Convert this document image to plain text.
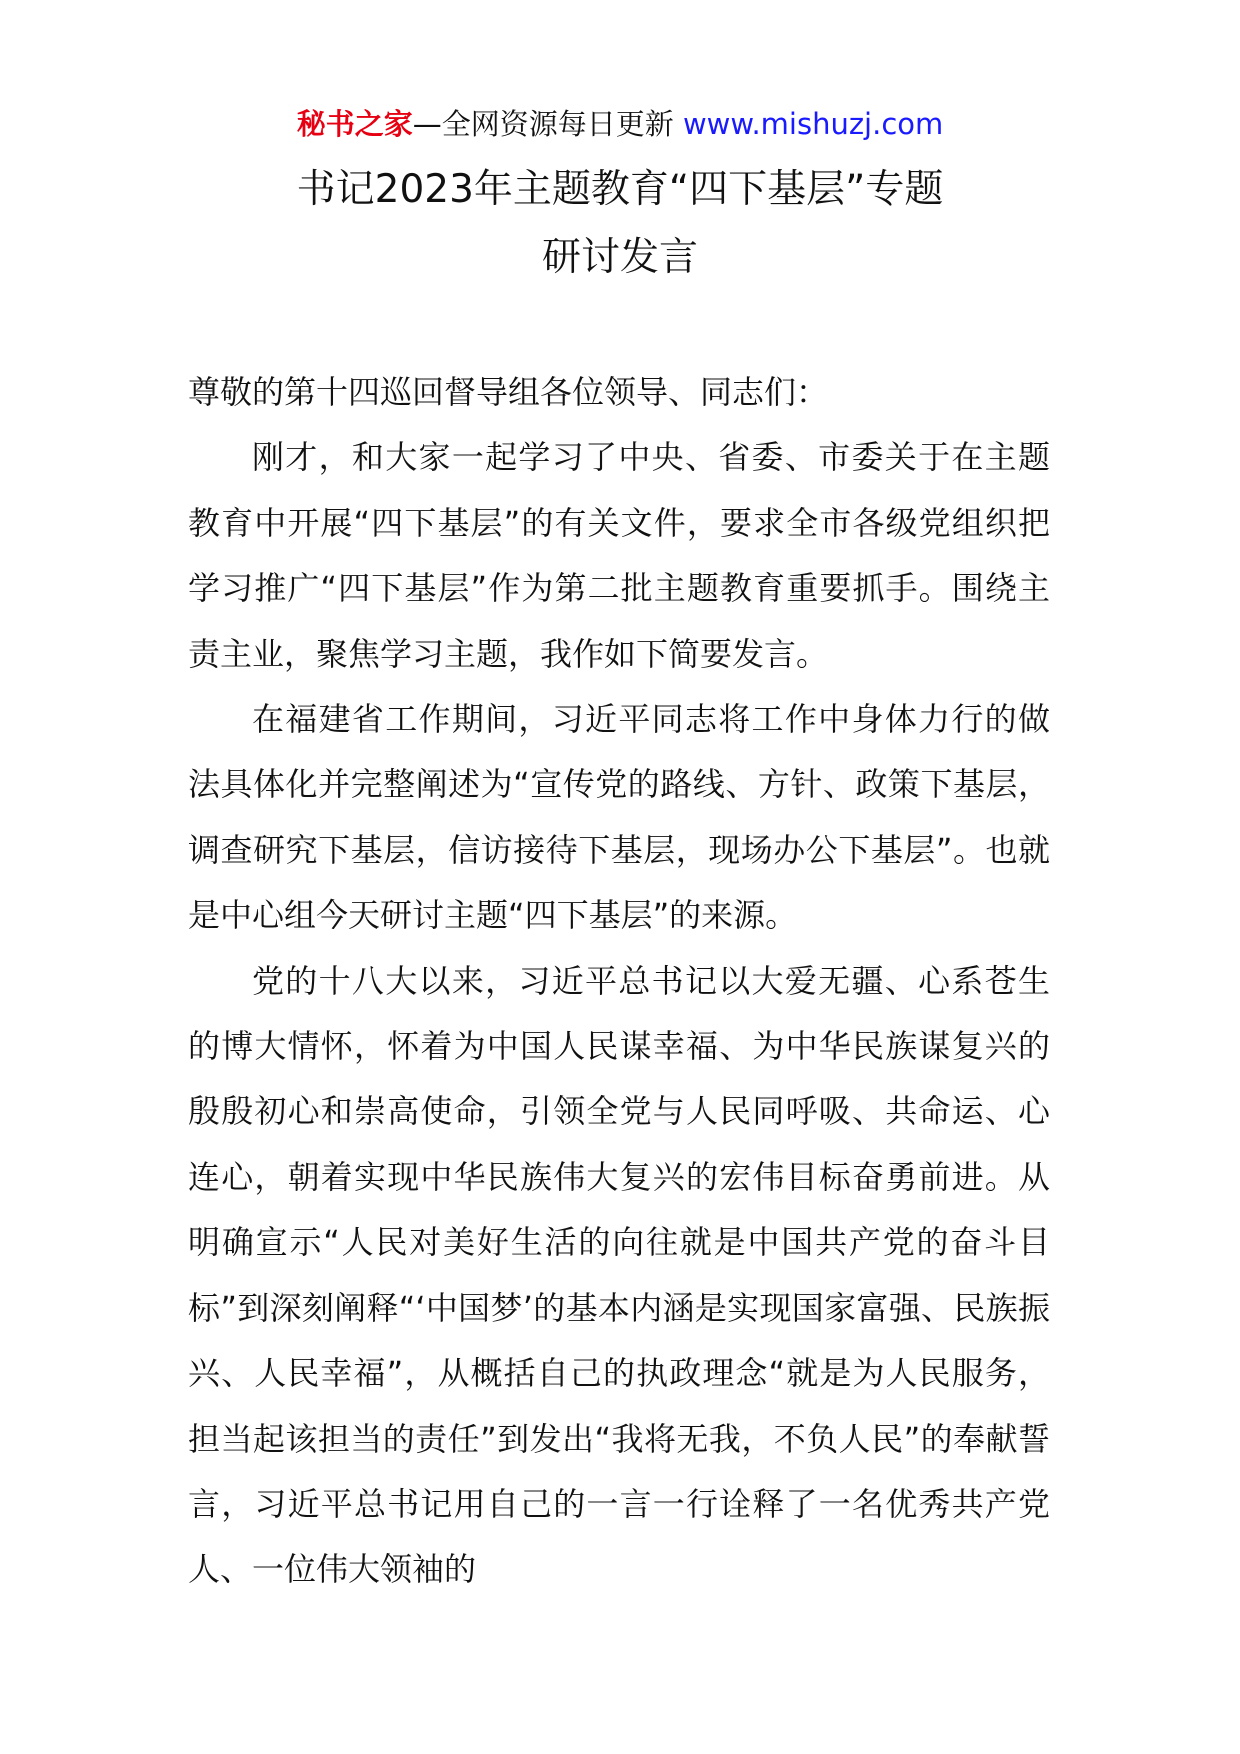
秘书之家—全网资源每日更新 www.mishuzj.com
书记2023年主题教育“四下基层”专题
研讨发言

尊敬的第十四巡回督导组各位领导、同志们：

刚才，和大家一起学习了中央、省委、市委关于在主题教育中开展“四下基层”的有关文件，要求全市各级党组织把学习推广“四下基层”作为第二批主题教育重要抓手。围绕主责主业，聚焦学习主题，我作如下简要发言。

在福建省工作期间，习近平同志将工作中身体力行的做法具体化并完整阐述为“宣传党的路线、方针、政策下基层，调查研究下基层，信访接待下基层，现场办公下基层”。也就是中心组今天研讨主题“四下基层”的来源。

党的十八大以来，习近平总书记以大爱无疆、心系苍生的博大情怀，怀着为中国人民谋幸福、为中华民族谋复兴的殷殷初心和崇高使命，引领全党与人民同呼吸、共命运、心连心，朝着实现中华民族伟大复兴的宏伟目标奋勇前进。从明确宣示“人民对美好生活的向往就是中国共产党的奋斗目标”到深刻阐释“‘中国梦’的基本内涵是实现国家富强、民族振兴、人民幸福”，从概括自己的执政理念“就是为人民服务，担当起该担当的责任”到发出“我将无我，不负人民”的奉献誓言，习近平总书记用自己的一言一行诠释了一名优秀共产党人、一位伟大领袖的
